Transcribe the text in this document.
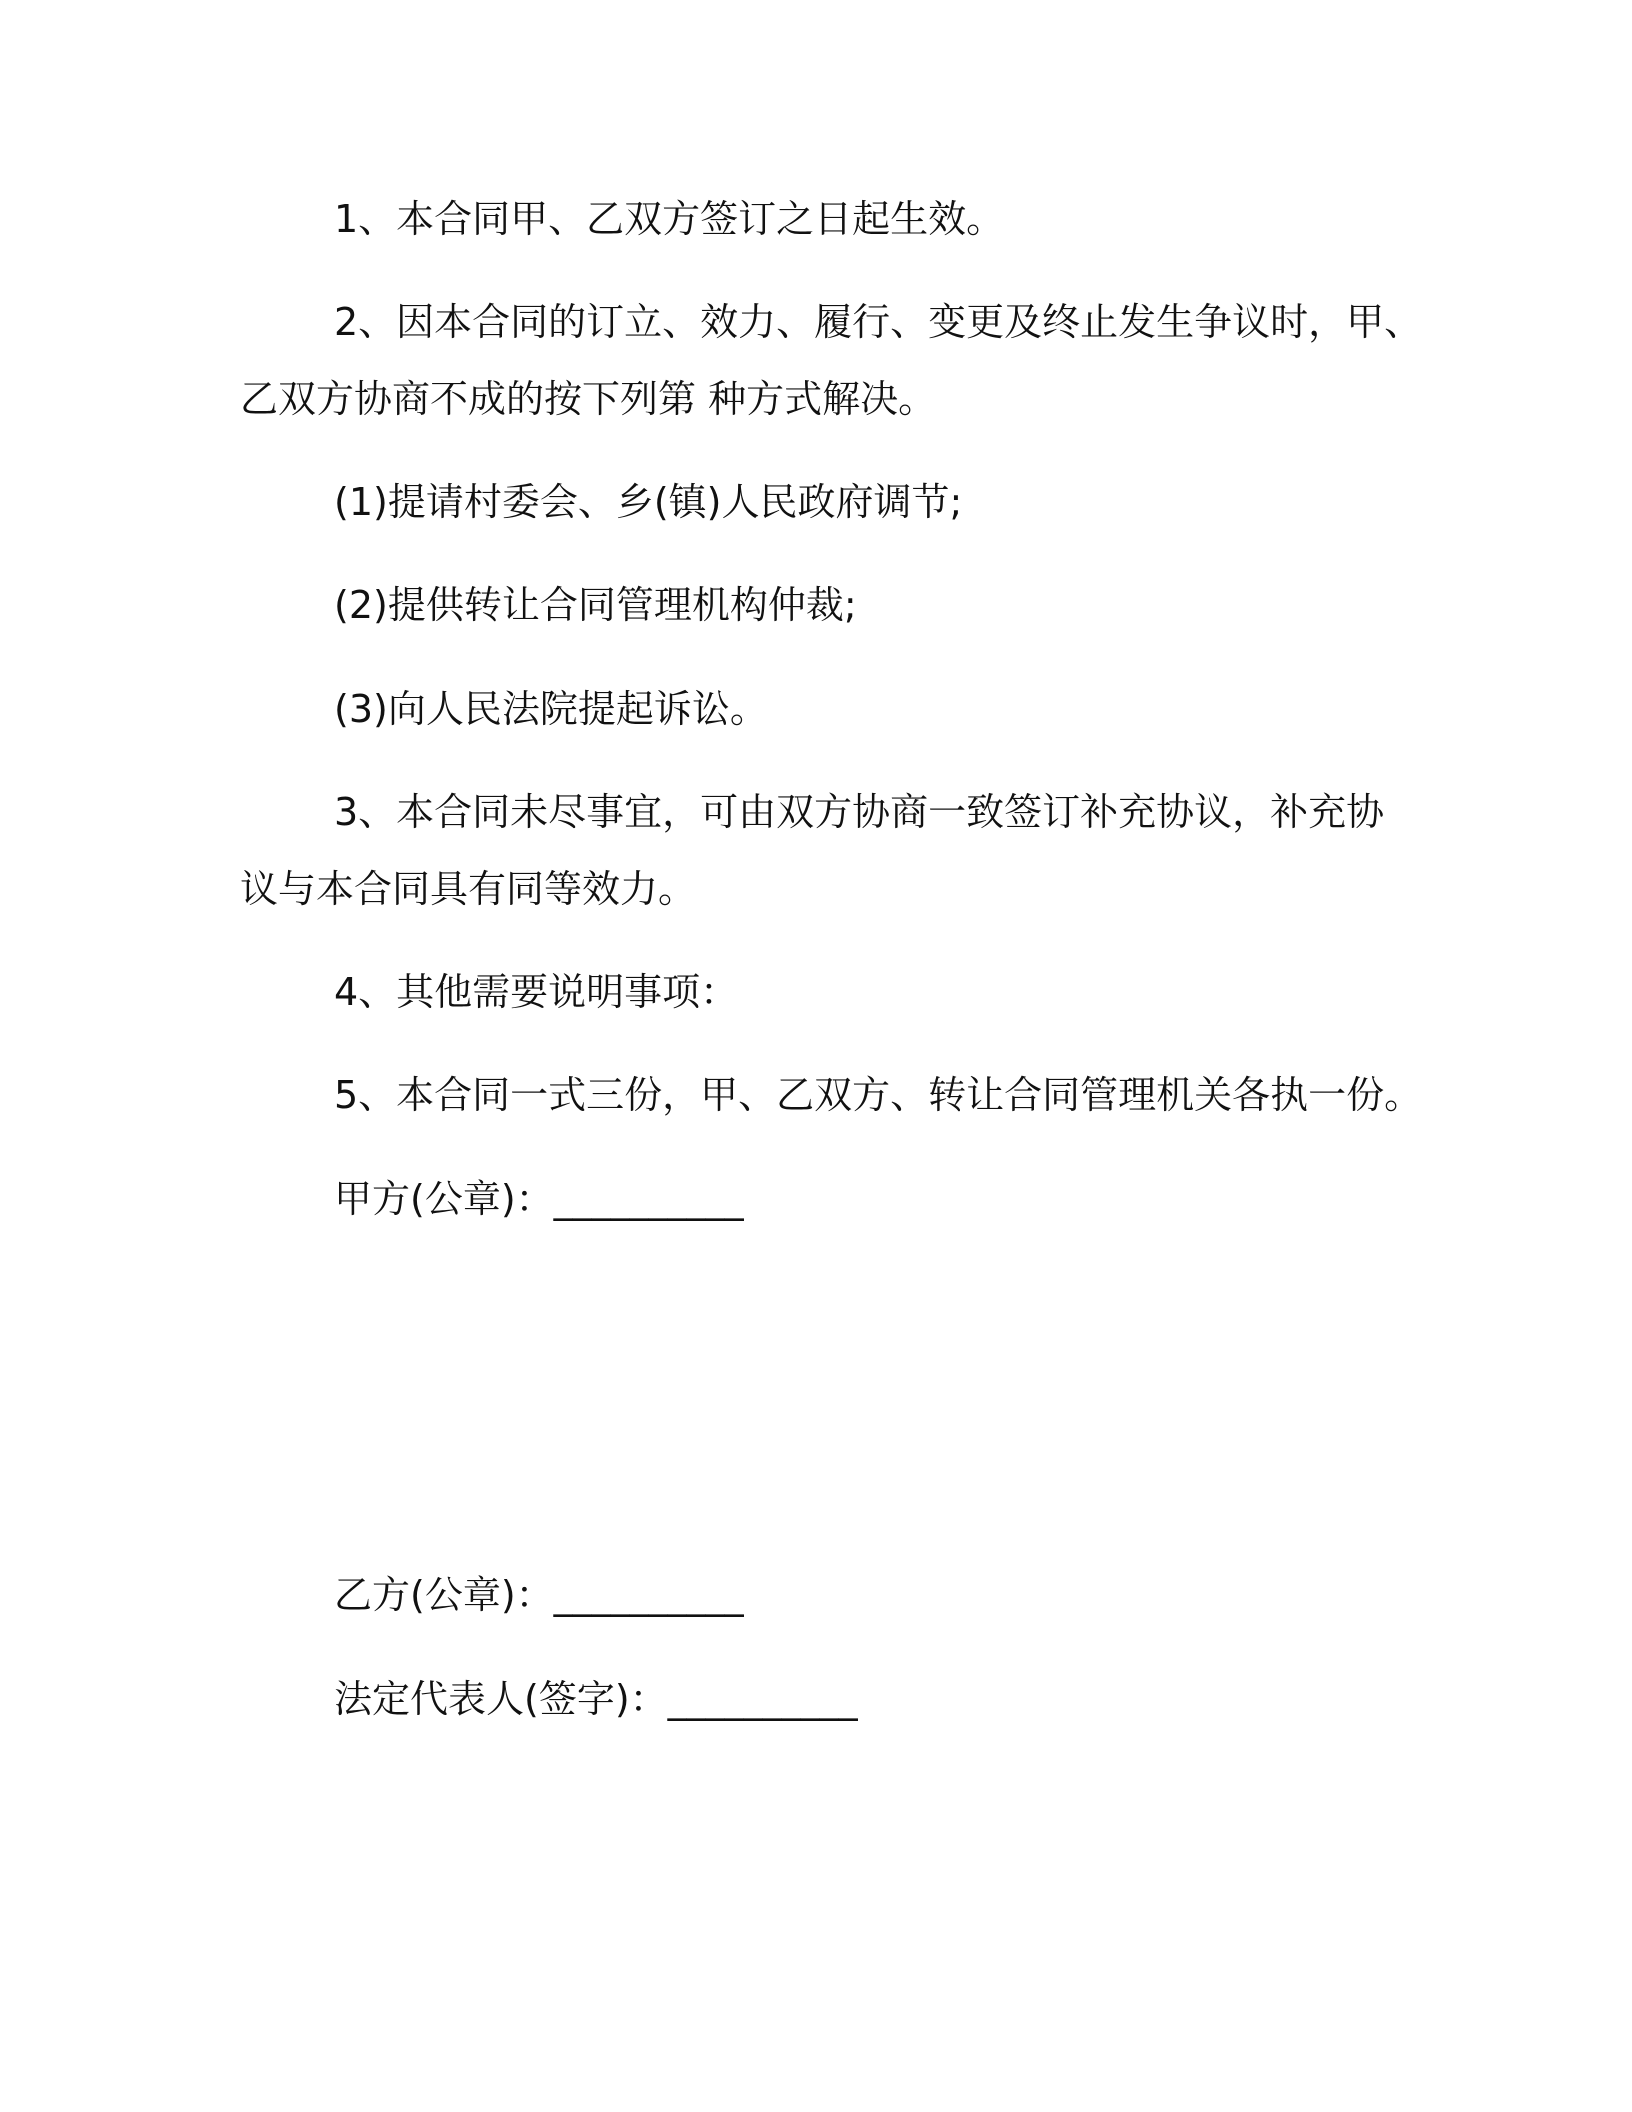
1、本合同甲、乙双方签订之日起生效。
2、因本合同的订立、效力、履行、变更及终止发生争议时，甲、
乙双方协商不成的按下列第 种方式解决。
(1)提请村委会、乡(镇)人民政府调节;
(2)提供转让合同管理机构仲裁;
(3)向人民法院提起诉讼。
3、本合同未尽事宜，可由双方协商一致签订补充协议，补充协
议与本合同具有同等效力。
4、其他需要说明事项：
5、本合同一式三份，甲、乙双方、转让合同管理机关各执一份。
甲方(公章)：__________
乙方(公章)：__________
法定代表人(签字)：__________
